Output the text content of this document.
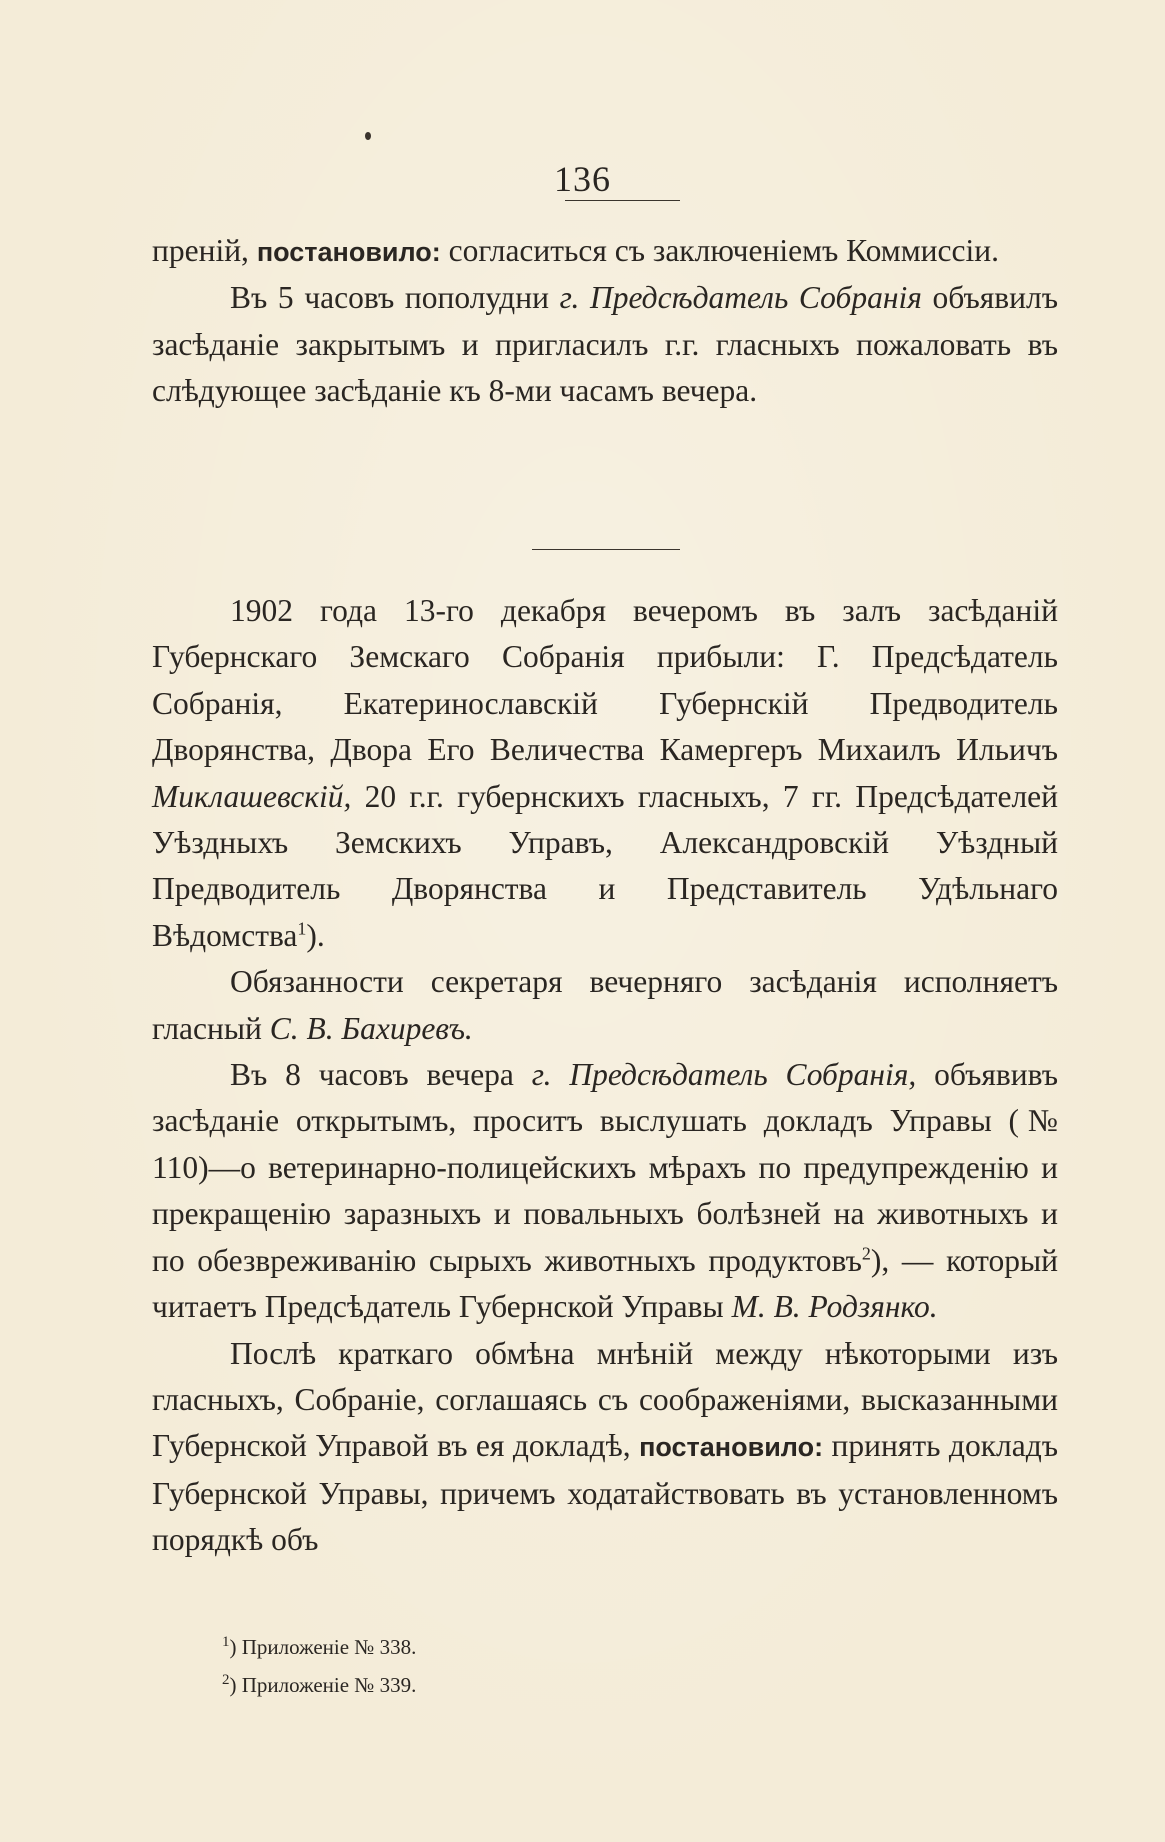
136

преній, постановило: согласиться съ заключеніемъ Коммиссіи.

Въ 5 часовъ пополудни г. Предсѣдатель Собранія объявилъ засѣданіе закрытымъ и пригласилъ г.г. гласныхъ пожаловать въ слѣдующее засѣданіе къ 8-ми часамъ вечера.

1902 года 13-го декабря вечеромъ въ залъ засѣданій Губернскаго Земскаго Собранія прибыли: Г. Предсѣдатель Собранія, Екатеринославскій Губернскій Предводитель Дворянства, Двора Его Величества Камергеръ Михаилъ Ильичъ Миклашевскій, 20 г.г. губернскихъ гласныхъ, 7 гг. Предсѣдателей Уѣздныхъ Земскихъ Управъ, Александровскій Уѣздный Предводитель Дворянства и Представитель Удѣльнаго Вѣдомства$^1$).

Обязанности секретаря вечерняго засѣданія исполняетъ гласный С. В. Бахиревъ.

Въ 8 часовъ вечера г. Предсѣдатель Собранія, объявивъ засѣданіе открытымъ, проситъ выслушать докладъ Управы (№ 110)—о ветеринарно-полицейскихъ мѣрахъ по предупрежденію и прекращенію заразныхъ и повальныхъ болѣзней на животныхъ и по обезвреживанію сырыхъ животныхъ продуктовъ$^2$), — который читаетъ Предсѣдатель Губернской Управы М. В. Родзянко.

Послѣ краткаго обмѣна мнѣній между нѣкоторыми изъ гласныхъ, Собраніе, соглашаясь съ соображеніями, высказанными Губернской Управой въ ея докладѣ, постановило: принять докладъ Губернской Управы, причемъ ходатайствовать въ установленномъ порядкѣ объ

$^1$) Приложеніе № 338.
$^2$) Приложеніе № 339.
